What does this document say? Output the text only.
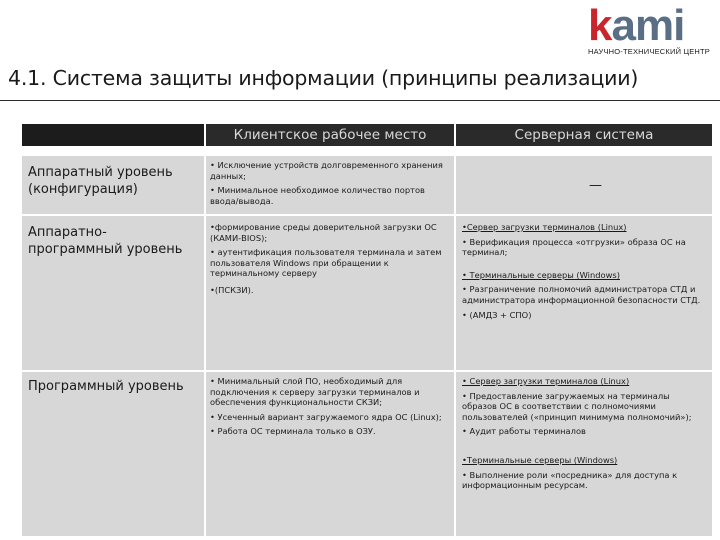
kami
НАУЧНО-ТЕХНИЧЕСКИЙ ЦЕНТР
4.1. Система защиты информации (принципы реализации)
Клиентское рабочее место	Серверная система
Аппаратный уровень (конфигурация)

• Исключение устройств долговременного хранения данных;

• Минимальное необходимое количество портов ввода/вывода.

—
Аппаратно-программный уровень

•формирование среды доверительной загрузки ОС (КАМИ-BIOS);

• аутентификация пользователя терминала и затем пользователя Windows при обращении к терминальному серверу

•(ПСКЗИ).

•Сервер загрузки терминалов (Linux)

• Верификация процесса «отгрузки» образа ОС на терминал;

• Терминальные серверы (Windows)

• Разграничение полномочий администратора СТД и администратора информационной безопасности СТД.

• (АМДЗ + СПО)

Программный уровень	• Минимальный слой ПО, необходимый для подключения к серверу загрузки терминалов и обеспечения функциональности СКЗИ;

• Усеченный вариант загружаемого ядра ОС (Linux);

• Работа ОС терминала только в ОЗУ.

• Сервер загрузки терминалов (Linux)

• Предоставление загружаемых на терминалы образов ОС в соответствии с полномочиями пользователей («принцип минимума полномочий»);

• Аудит работы терминалов

•Терминальные серверы (Windows)

• Выполнение роли «посредника» для доступа к информационным ресурсам.
